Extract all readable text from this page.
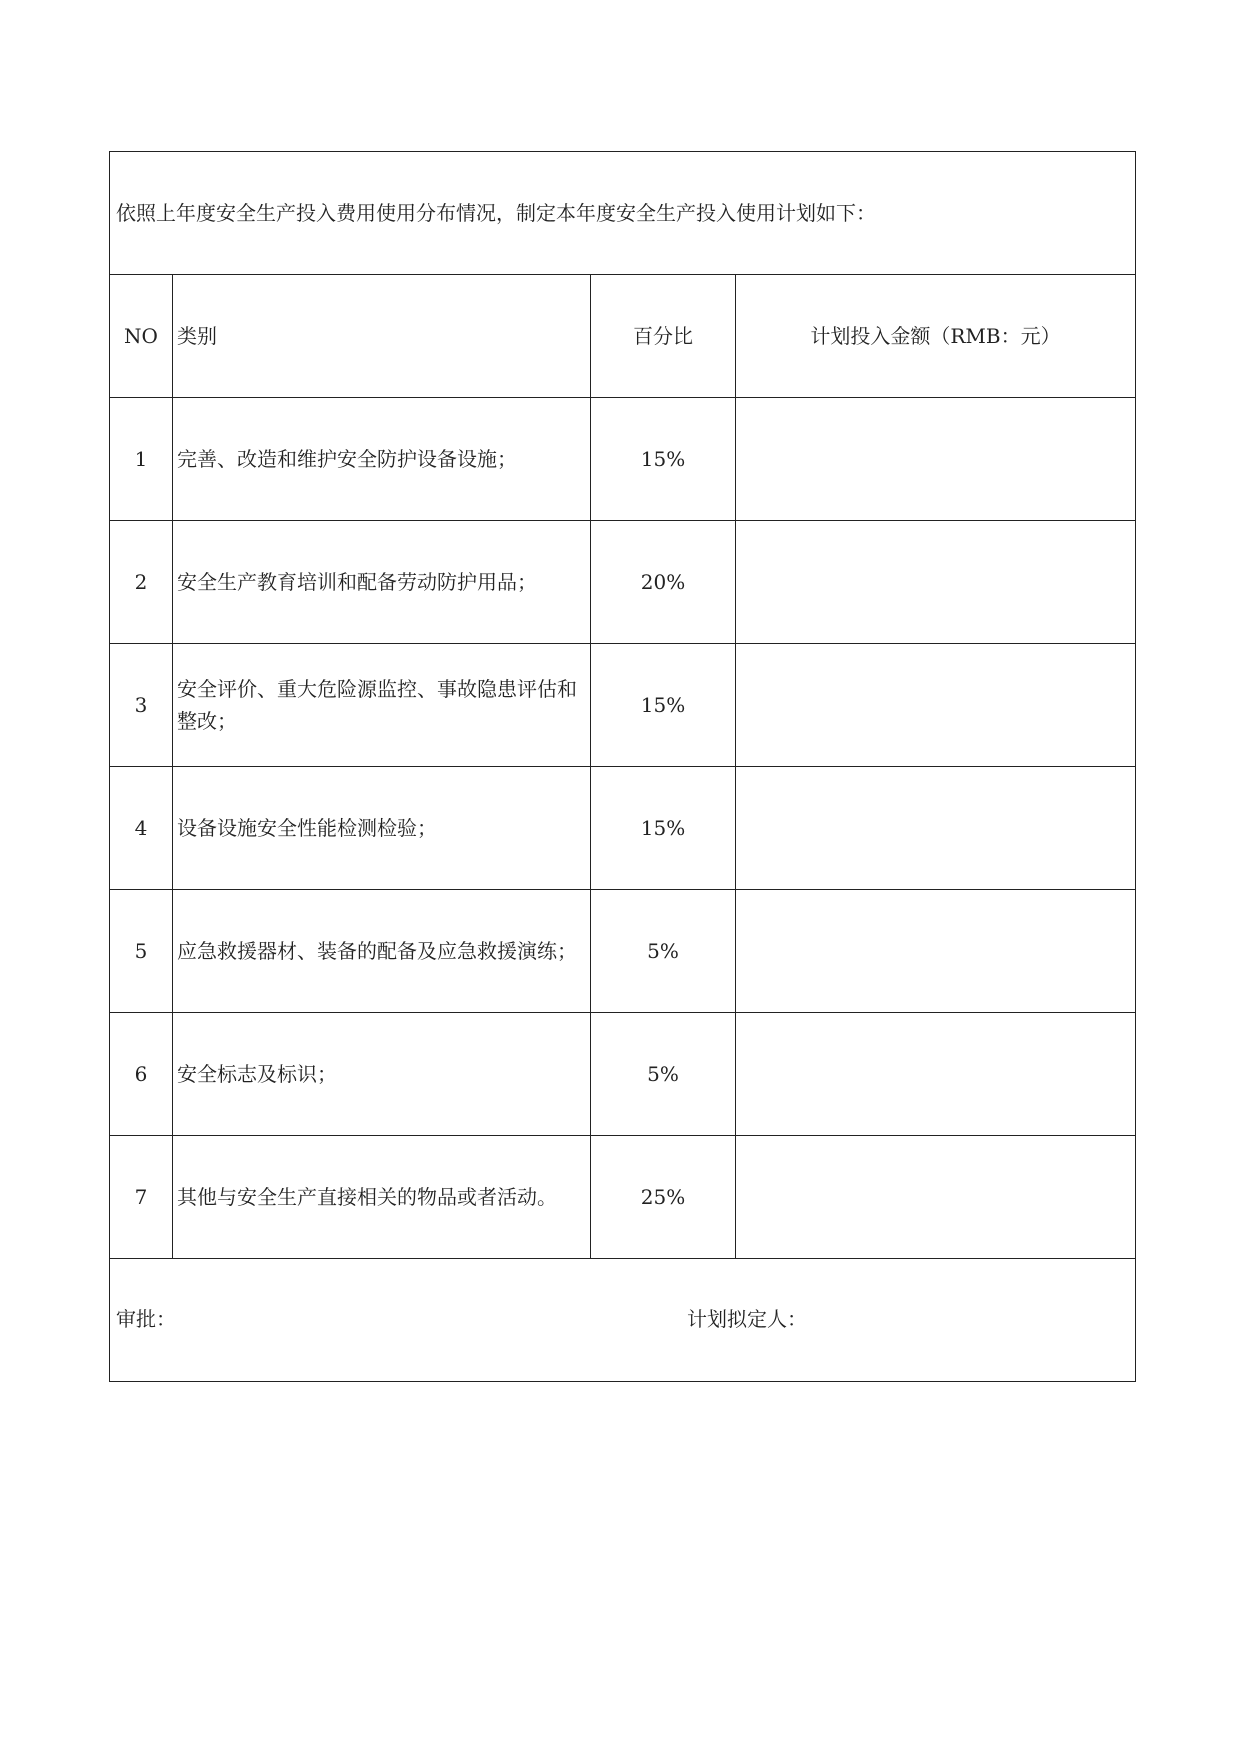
依照上年度安全生产投入费用使用分布情况，制定本年度安全生产投入使用计划如下：			
NO	类别	百分比	计划投入金额（RMB：元）
1	完善、改造和维护安全防护设备设施；	15%	
2	安全生产教育培训和配备劳动防护用品；	20%	
3	安全评价、重大危险源监控、事故隐患评估和整改；	15%	
4	设备设施安全性能检测检验；	15%	
5	应急救援器材、装备的配备及应急救援演练；	5%	
6	安全标志及标识；	5%	
7	其他与安全生产直接相关的物品或者活动。	25%	

审批： 计划拟定人：			
